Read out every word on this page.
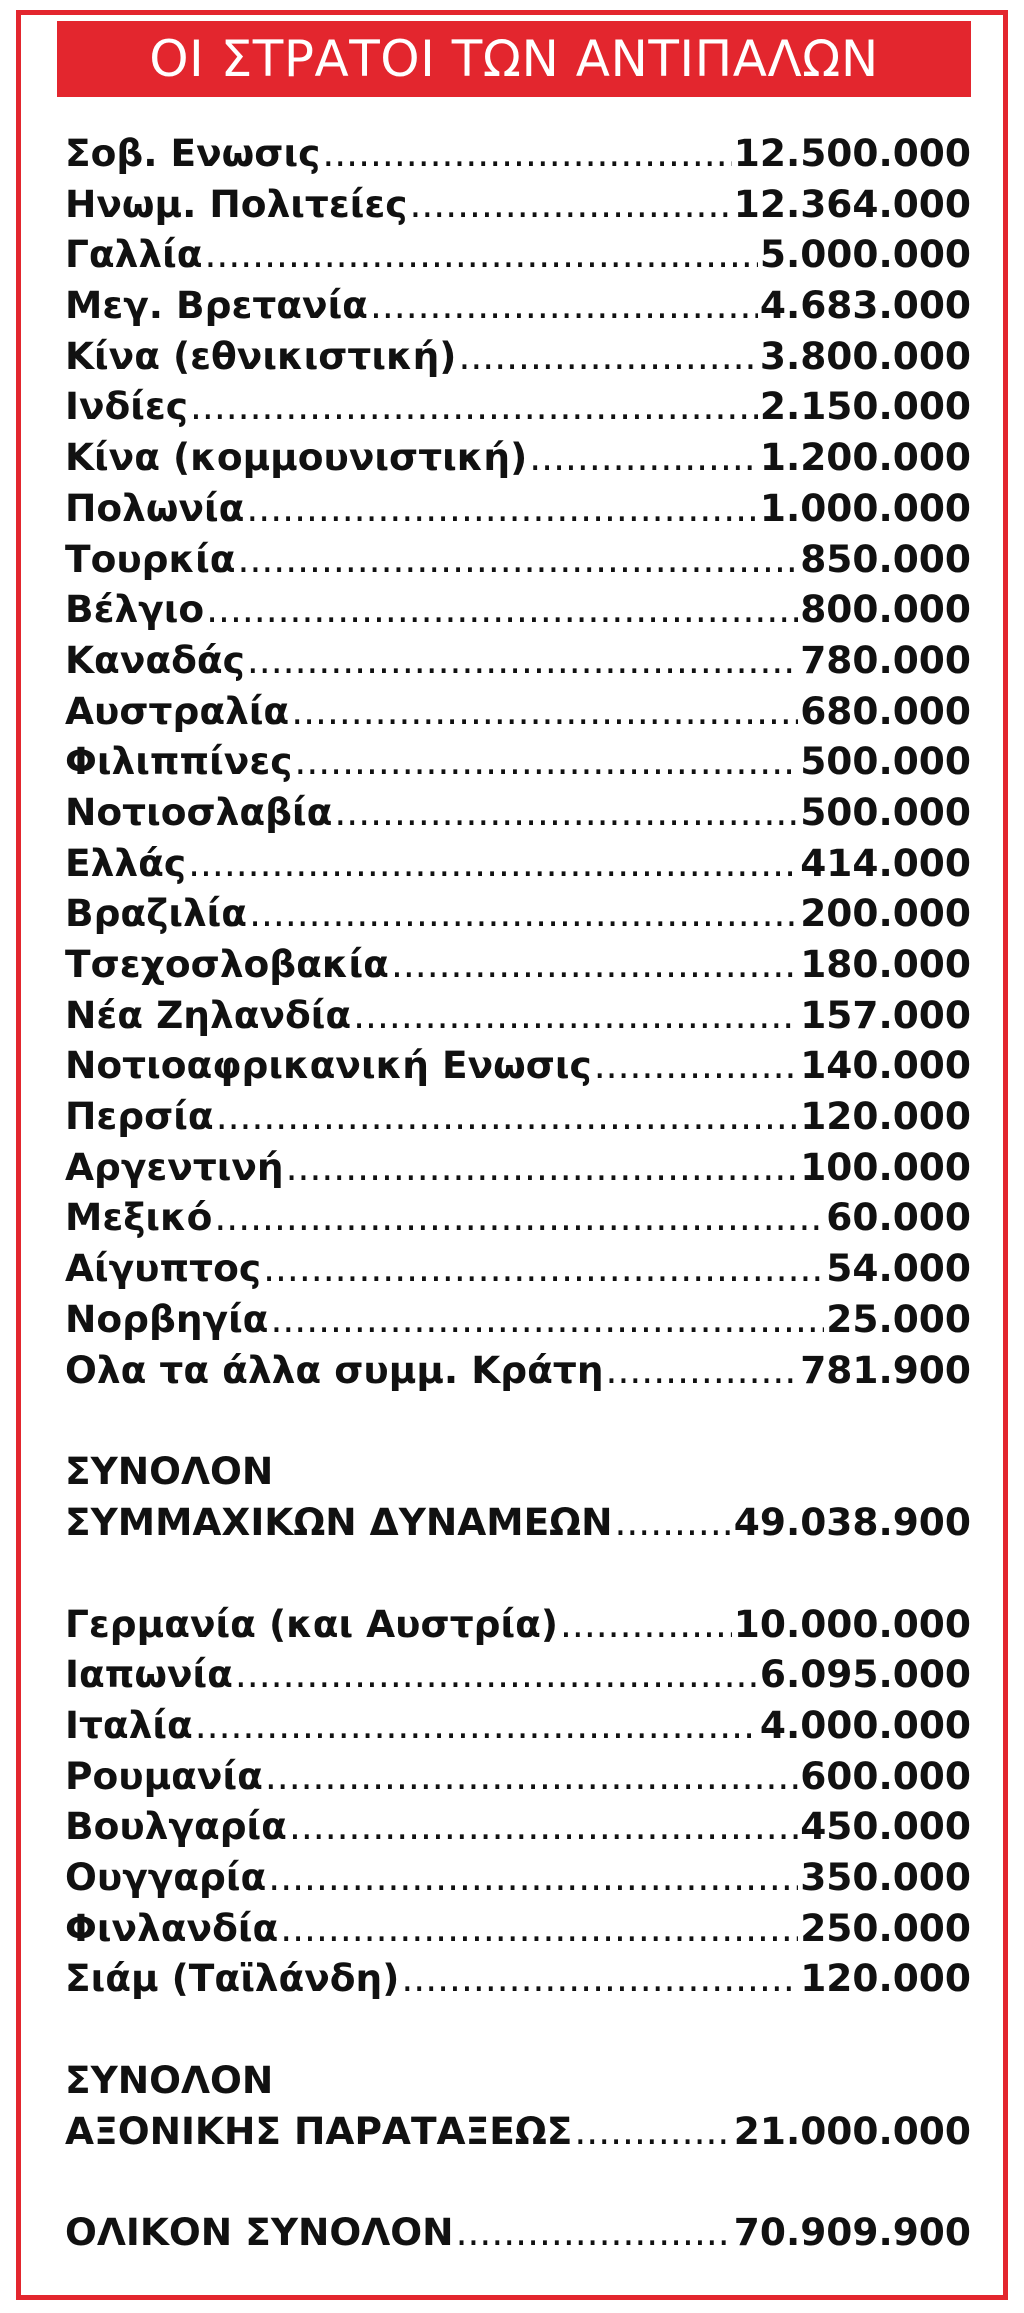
ΟΙ ΣΤΡΑΤΟΙ ΤΩΝ ΑΝΤΙΠΑΛΩΝ
Σοβ. Ενωσις .....	12.500.000
Ηνωμ. Πολιτείες .....	12.364.000
Γαλλία .....	5.000.000
Μεγ. Βρετανία .....	4.683.000
Κίνα (εθνικιστική) .....	3.800.000
Ινδίες .....	2.150.000
Κίνα (κομμουνιστική) .....	1.200.000
Πολωνία .....	1.000.000
Τουρκία .....	850.000
Βέλγιο .....	800.000
Καναδάς .....	780.000
Αυστραλία .....	680.000
Φιλιππίνες .....	500.000
Νοτιοσλαβία .....	500.000
Ελλάς .....	414.000
Βραζιλία .....	200.000
Τσεχοσλοβακία .....	180.000
Νέα Ζηλανδία .....	157.000
Νοτιοαφρικανική Ενωσις .....	140.000
Περσία .....	120.000
Αργεντινή .....	100.000
Μεξικό .....	60.000
Αίγυπτος .....	54.000
Νορβηγία .....	25.000
Ολα τα άλλα συμμ. Κράτη .....	781.900
ΣΥΝΟΛΟΝ
ΣΥΜΜΑΧΙΚΩΝ ΔΥΝΑΜΕΩΝ .....	49.038.900
Γερμανία (και Αυστρία) .....	10.000.000
Ιαπωνία .....	6.095.000
Ιταλία .....	4.000.000
Ρουμανία .....	600.000
Βουλγαρία .....	450.000
Ουγγαρία .....	350.000
Φινλανδία .....	250.000
Σιάμ (Ταϊλάνδη) .....	120.000
ΣΥΝΟΛΟΝ
ΑΞΟΝΙΚΗΣ ΠΑΡΑΤΑΞΕΩΣ .....	21.000.000
ΟΛΙΚΟΝ ΣΥΝΟΛΟΝ .....	70.909.900
